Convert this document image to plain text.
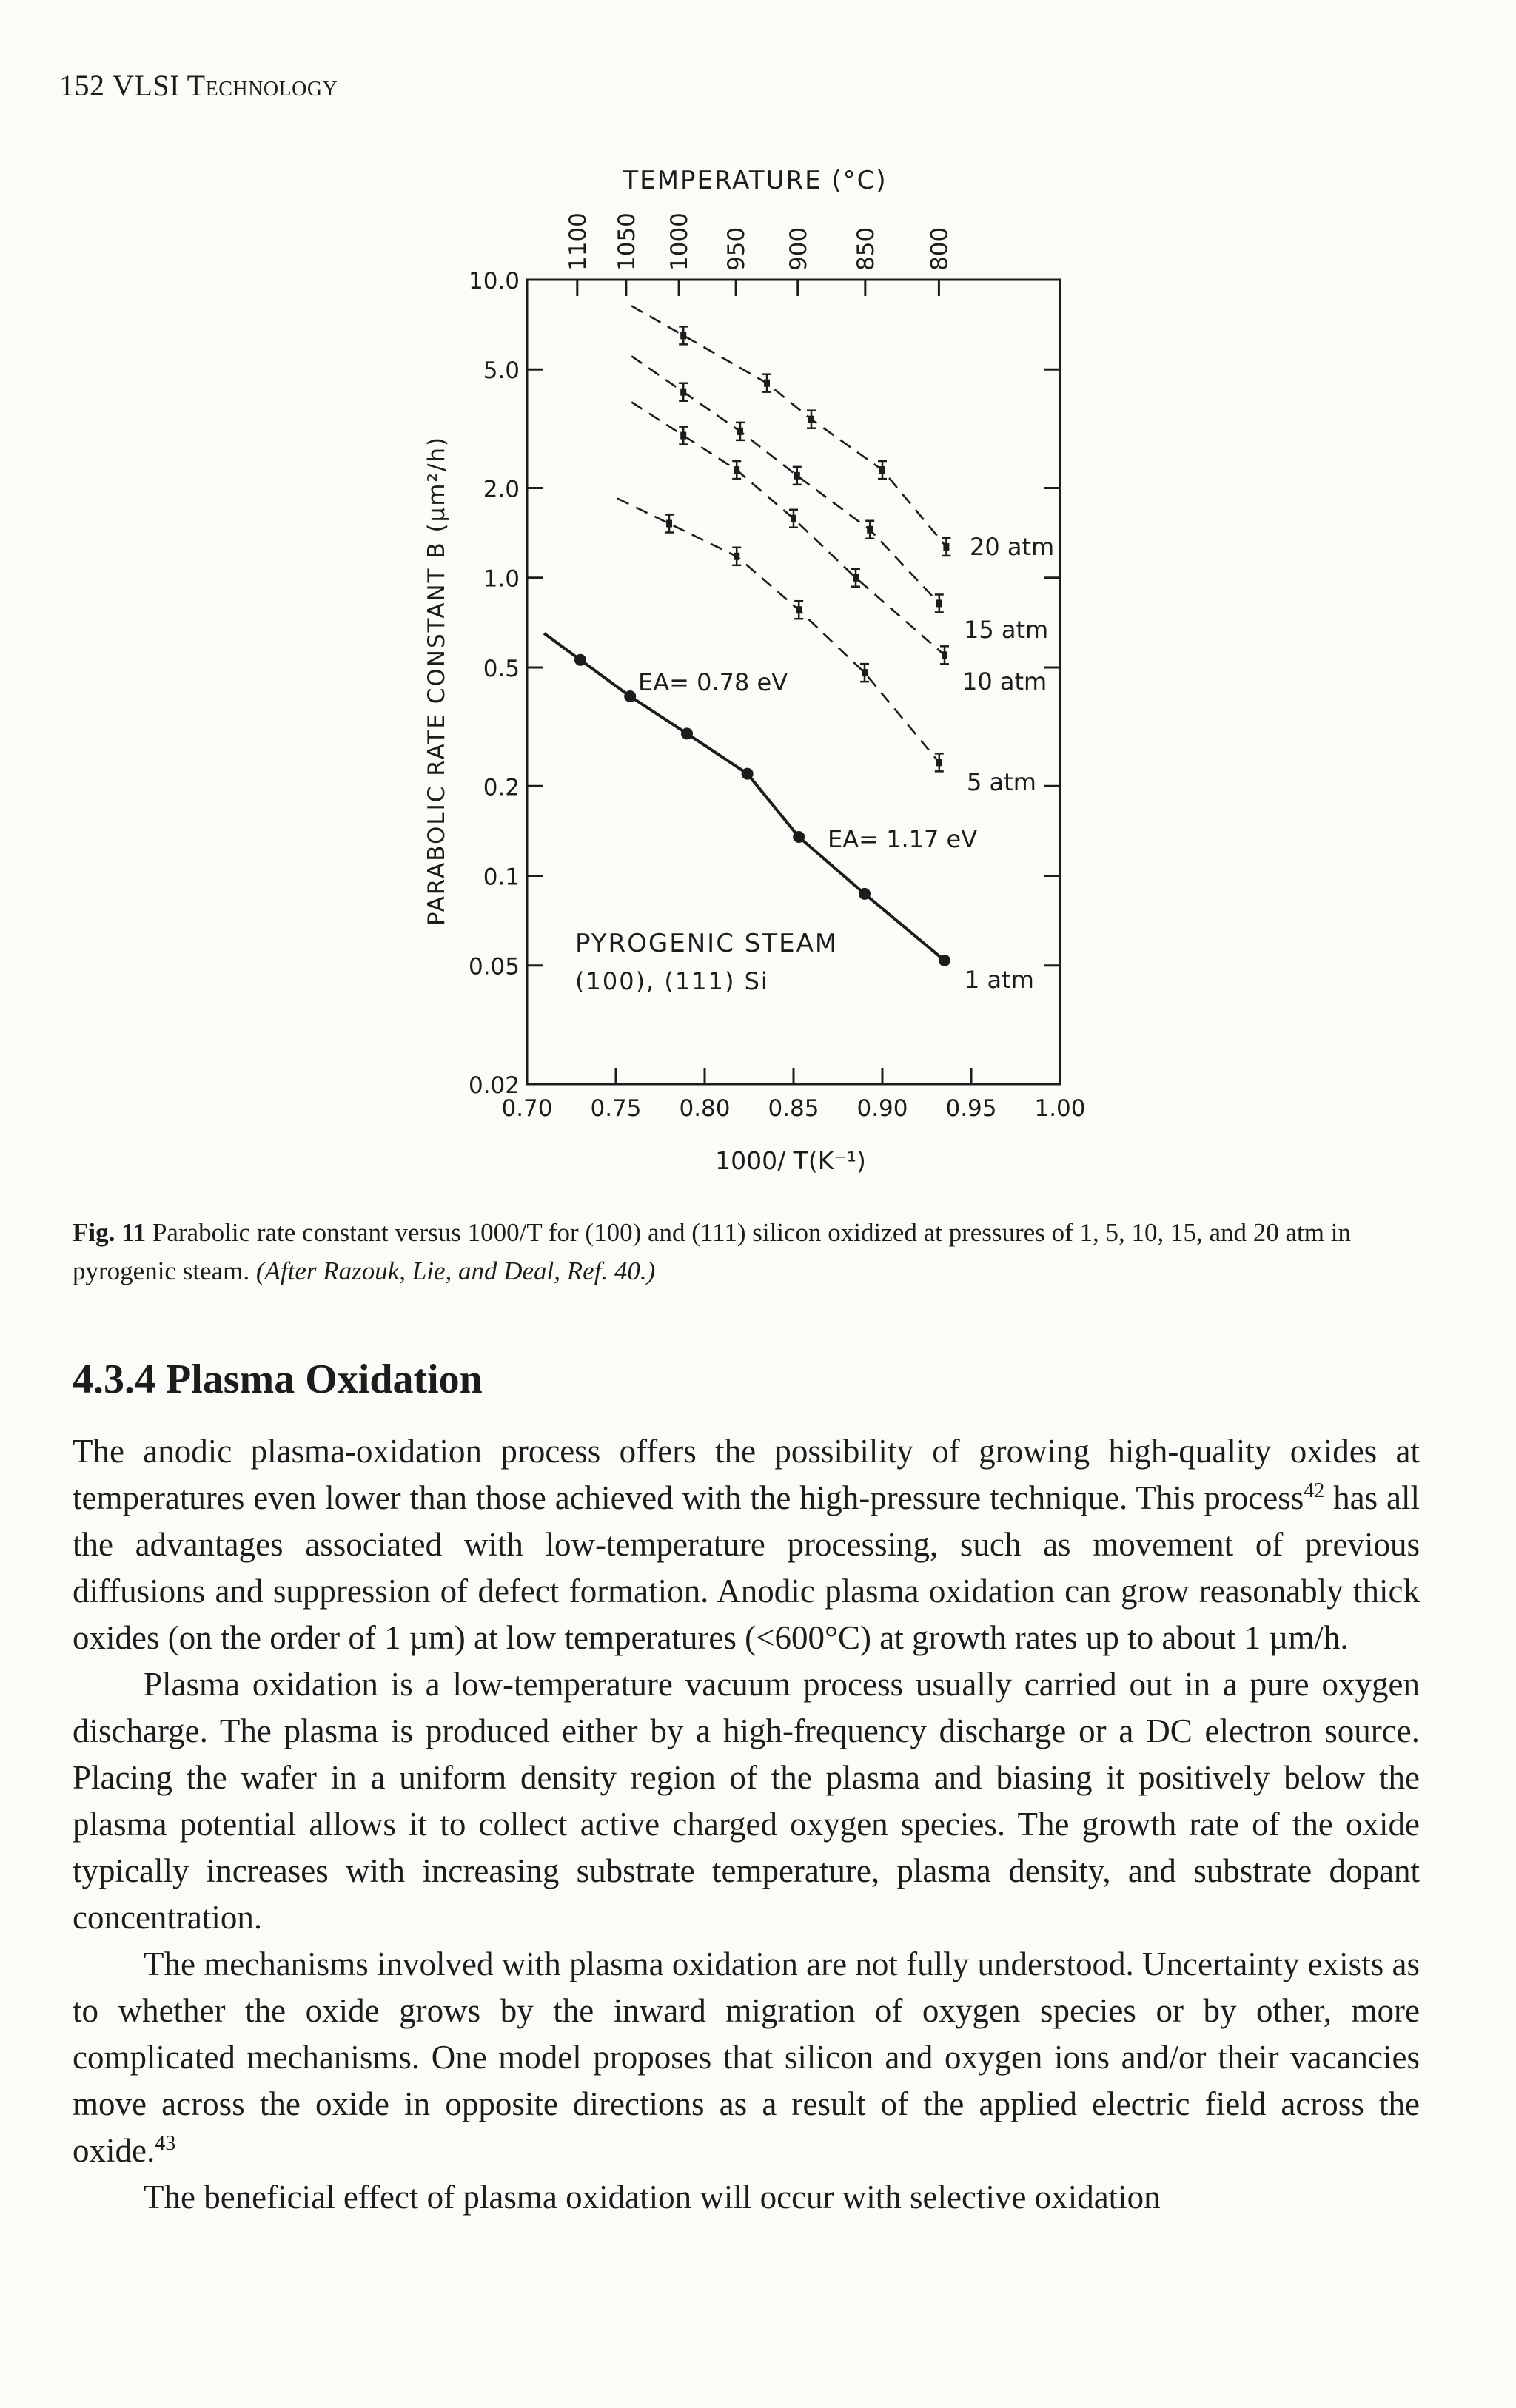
152 VLSI Technology
10.0
5.0
2.0
1.0
0.5
0.2
0.1
0.05
0.02
0.70 0.75 0.80 0.85 0.90 0.95 1.00
1100 1050 1000 950 900 850 800
TEMPERATURE (°C)
1000/ T(K⁻¹)
PARABOLIC RATE CONSTANT B (µm²/h)	EA= 0.78 eV
EA= 1.17 eV
PYROGENIC STEAM
(100), (111) Si
20 atm
15 atm
10 atm
5 atm
1 atm
Fig. 11 Parabolic rate constant versus 1000/T for (100) and (111) silicon oxidized at pressures of 1, 5, 10, 15, and 20 atm in pyrogenic steam. (After Razouk, Lie, and Deal, Ref. 40.)
4.3.4 Plasma Oxidation

The anodic plasma-oxidation process offers the possibility of growing high-quality oxides at temperatures even lower than those achieved with the high-pressure technique. This process$^{42}$ has all the advantages associated with low-temperature processing, such as movement of previous diffusions and suppression of defect formation. Anodic plasma oxidation can grow reasonably thick oxides (on the order of 1 µm) at low temperatures (<600°C) at growth rates up to about 1 µm/h.

Plasma oxidation is a low-temperature vacuum process usually carried out in a pure oxygen discharge. The plasma is produced either by a high-frequency discharge or a DC electron source. Placing the wafer in a uniform density region of the plasma and biasing it positively below the plasma potential allows it to collect active charged oxygen species. The growth rate of the oxide typically increases with increasing substrate temperature, plasma density, and substrate dopant concentration.

The mechanisms involved with plasma oxidation are not fully understood. Uncertainty exists as to whether the oxide grows by the inward migration of oxygen species or by other, more complicated mechanisms. One model proposes that silicon and oxygen ions and/or their vacancies move across the oxide in opposite directions as a result of the applied electric field across the oxide.$^{43}$

The beneficial effect of plasma oxidation will occur with selective oxidation
